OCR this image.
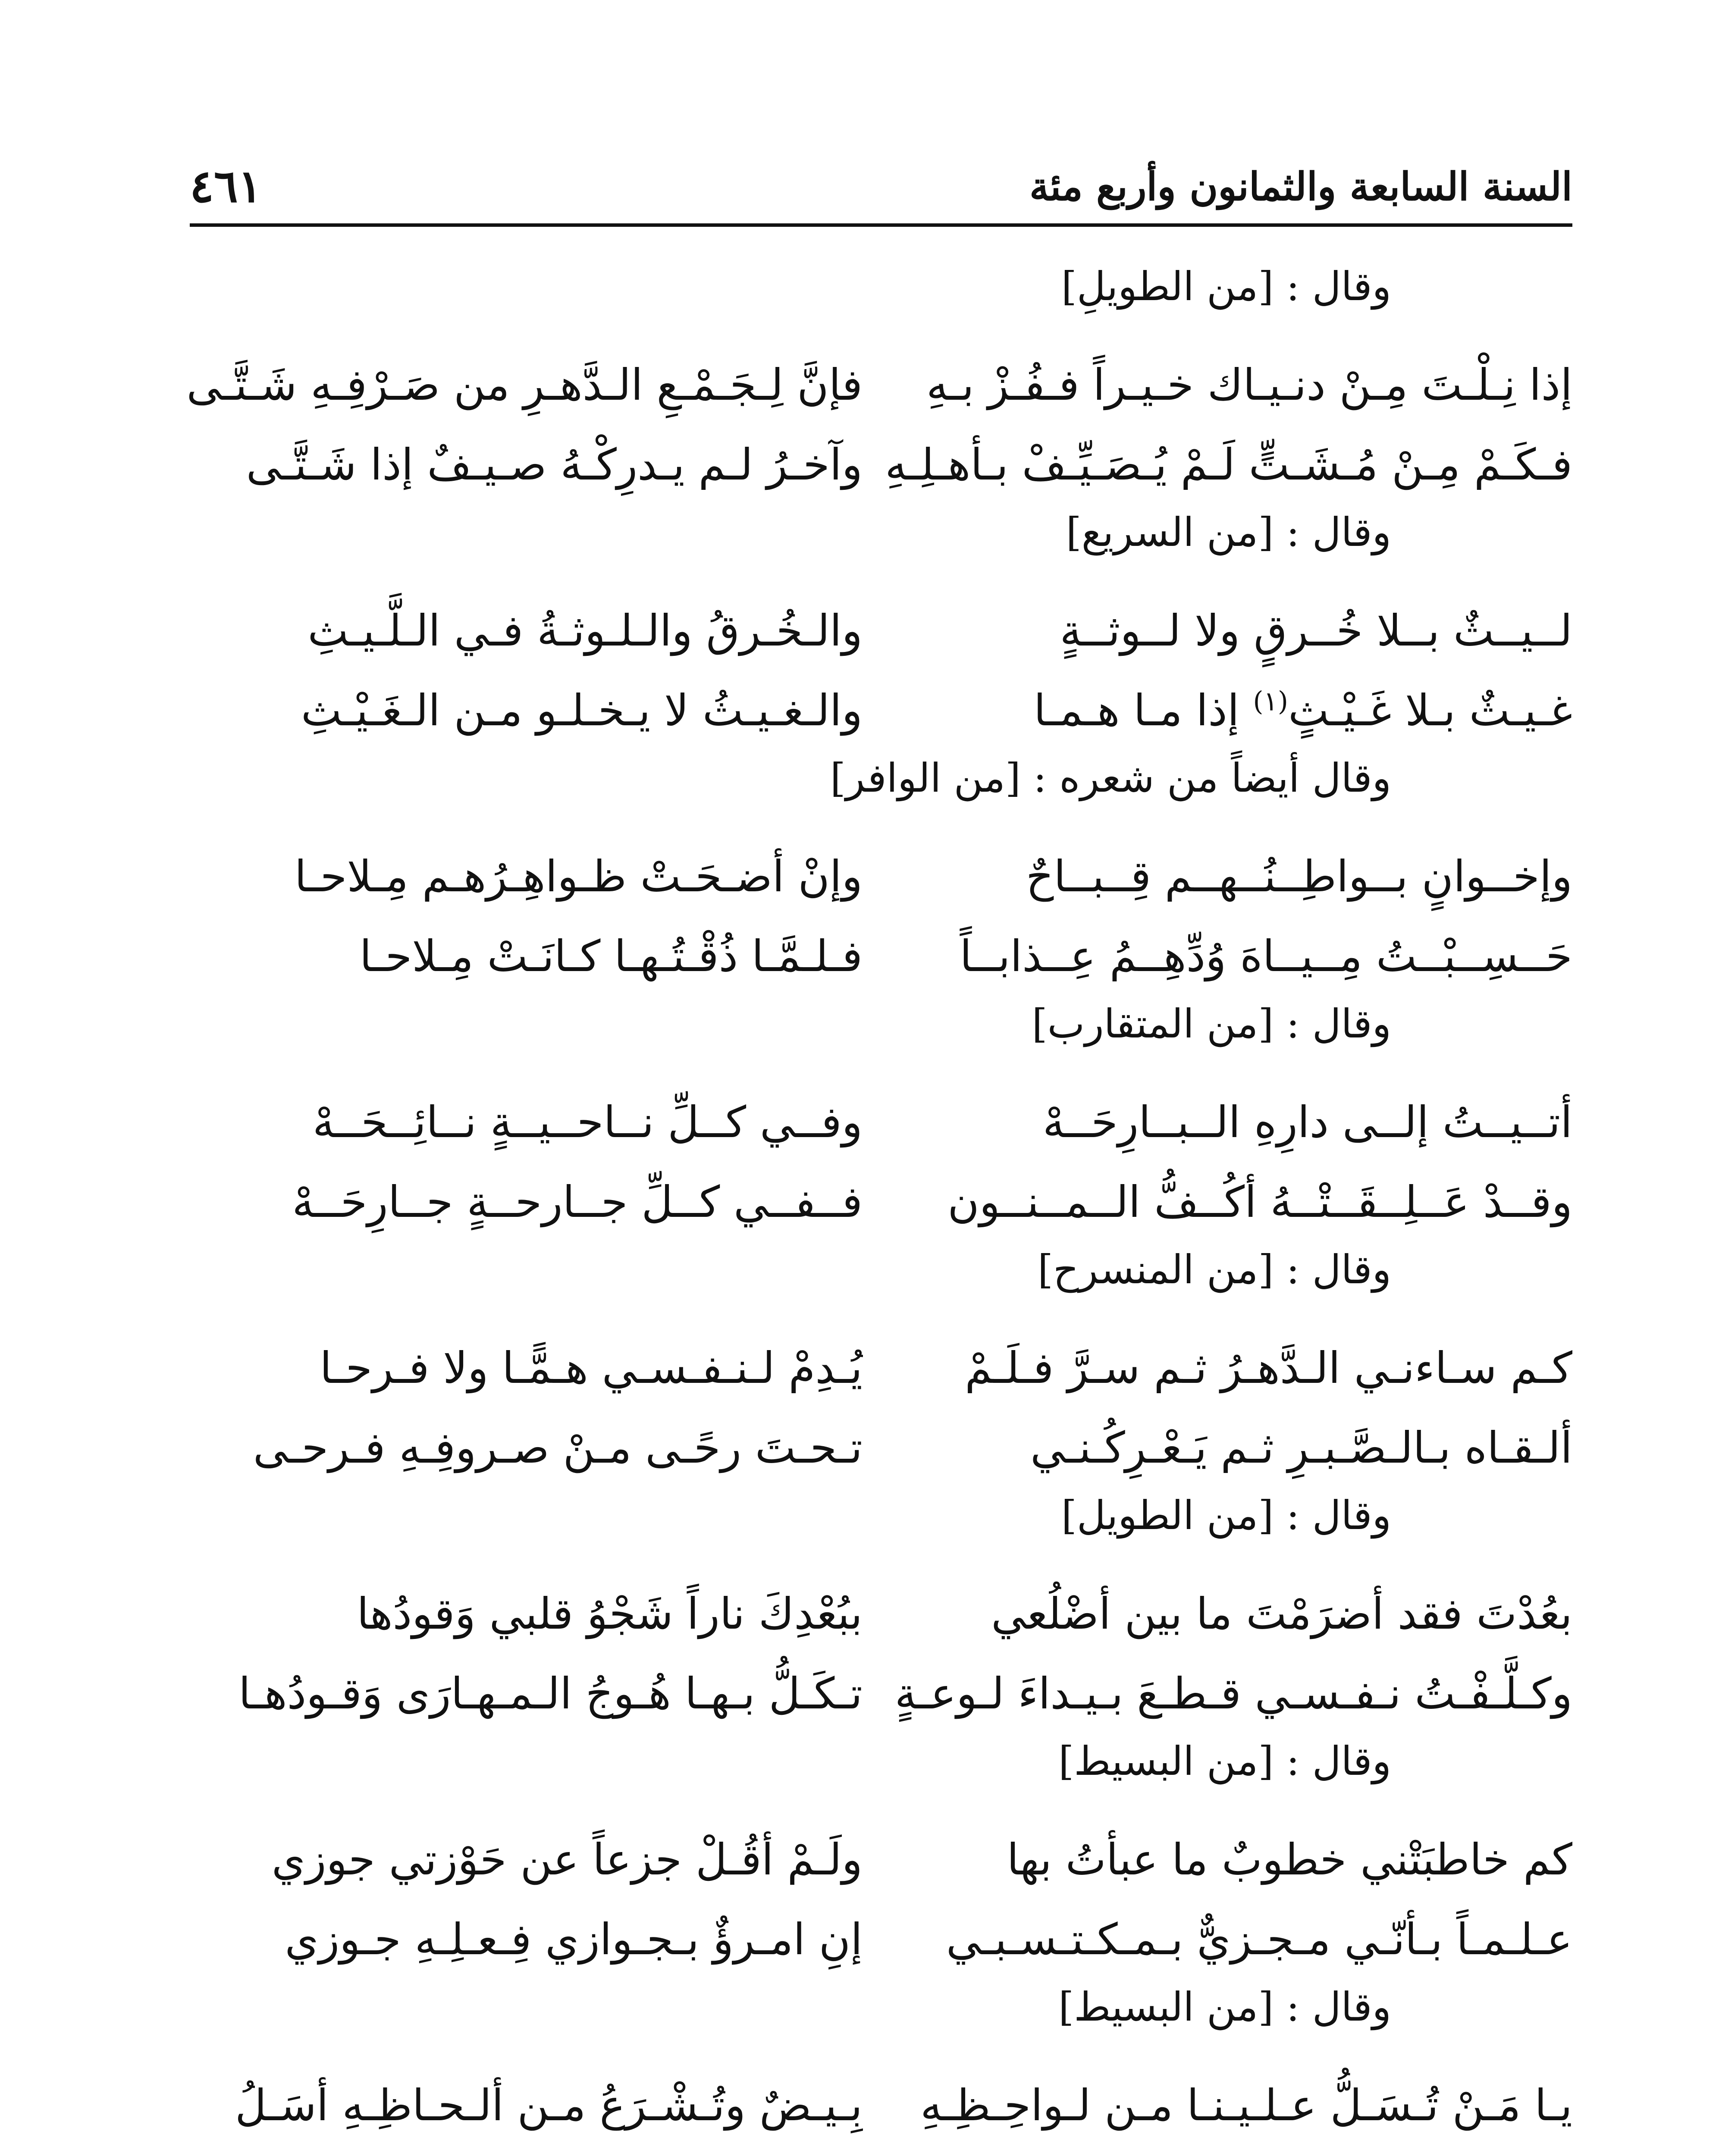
السنة السابعة والثمانون وأربع مئة
٤٦١
وقال : [من الطويلِ]
إذا نِـلْـتَ مِـنْ دنـيـاك خـيـراً فـفُـزْ بـهِ
فإنَّ لِـجَـمْـعِ الـدَّهـرِ من صَـرْفِـهِ شَـتَّـى
فـكَـمْ مِـنْ مُـشَـتٍّ لَـمْ يُـصَـيِّـفْ بـأهـلِـهِ
وآخـرُ لـم يـدرِكْـهُ صـيـفٌ إذا شَـتَّـى
وقال : [من السريع]
لــيــثٌ بــلا خُــرقٍ ولا لــوثــةٍ
والـخُـرقُ والـلـوثـةُ فـي الـلَّـيـثِ
غـيـثٌ بـلا غَـيْـثٍ$^{(١)}$ إذا مـا هـمـا
والـغـيـثُ لا يـخـلـو مـن الـغَـيْـثِ
وقال أيضاً من شعره : [من الوافر]
وإخــوانٍ بــواطِــنُــهــم قِــبــاحٌ
وإنْ أضـحَـتْ ظـواهِـرُهـم مِـلاحـا
حَــسِــبْــتُ مِــيــاهَ وُدِّهِــمُ عِــذابــاً
فـلـمَّـا ذُقْـتُـهـا كـانَـتْ مِـلاحـا
وقال : [من المتقارب]
أتــيــتُ إلــى دارِهِ الــبــارِحَــهْ
وفــي كــلِّ نــاحــيــةٍ نــائِــحَــهْ
وقــدْ عَــلِــقَــتْــهُ أكُــفُّ الــمــنــون
فــفــي كــلِّ جــارحــةٍ جــارِحَــهْ
وقال : [من المنسرح]
كـم سـاءنـي الـدَّهـرُ ثـم سـرَّ فـلَـمْ
يُـدِمْ لـنـفـسـي هـمًّـا ولا فـرحـا
ألـقـاه بـالـصَّـبـرِ ثـم يَـعْـرِكُـنـي
تـحـتَ رحًـى مـنْ صـروفِـهِ فـرحـى
وقال : [من الطويل]
بعُدْتَ فقد أضرَمْتَ ما بين أضْلُعي
ببُعْدِكَ ناراً شَجْوُ قلبي وَقودُها
وكـلَّـفْـتُ نـفـسـي قـطـعَ بـيـداءَ لـوعـةٍ
تـكَـلُّ بـهـا هُـوجُ الـمـهـارَى وَقـودُهـا
وقال : [من البسيط]
كم خاطبَتْني خطوبٌ ما عبأتُ بها
ولَـمْ أقُـلْ جزعاً عن حَوْزتي جوزي
عـلـمـاً بـأنّـي مـجـزيٌّ بـمـكـتـسـبـي
إنِ امـرؤٌ بـجـوازي فِـعـلِـهِ جـوزي
وقال : [من البسيط]
يـا مَـنْ تُـسَـلُّ عـلـيـنـا مـن لـواحِـظِـهِ
بِـيـضٌ وتُـشْـرَعُ مـن ألـحـاظِـهِ أسَـلُ
